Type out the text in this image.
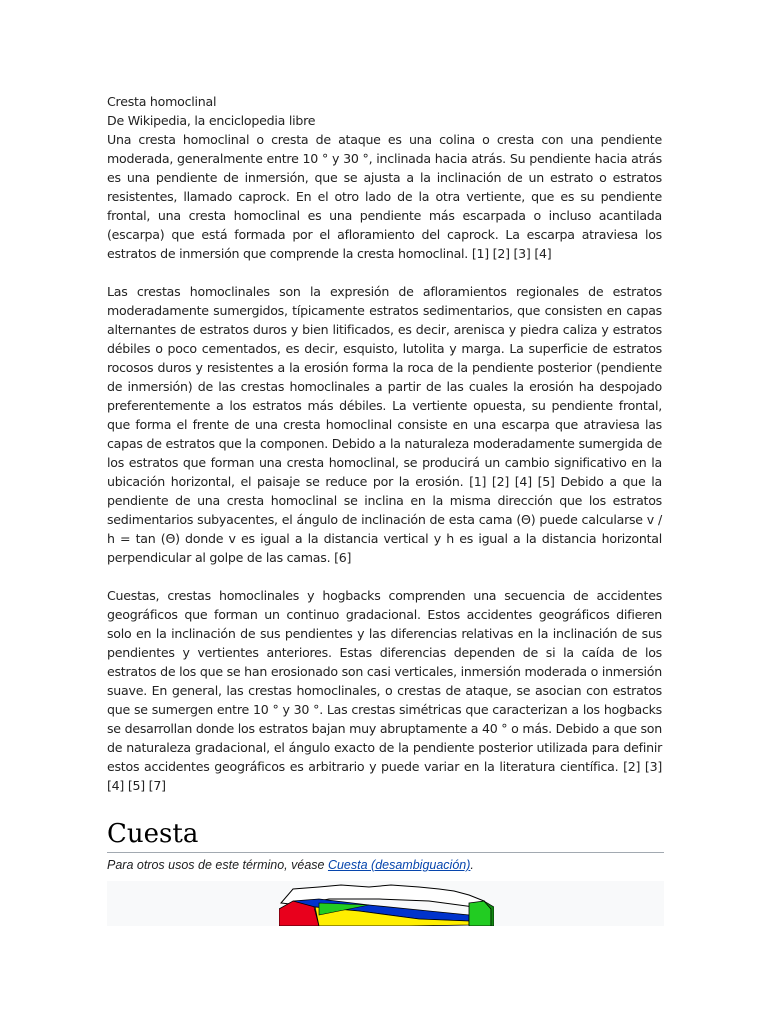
Cresta homoclinal

De Wikipedia, la enciclopedia libre

Una cresta homoclinal o cresta de ataque es una colina o cresta con una pendiente moderada, generalmente entre 10 ° y 30 °, inclinada hacia atrás. Su pendiente hacia atrás es una pendiente de inmersión, que se ajusta a la inclinación de un estrato o estratos resistentes, llamado caprock. En el otro lado de la otra vertiente, que es su pendiente frontal, una cresta homoclinal es una pendiente más escarpada o incluso acantilada (escarpa) que está formada por el afloramiento del caprock. La escarpa atraviesa los estratos de inmersión que comprende la cresta homoclinal. [1] [2] [3] [4]

Las crestas homoclinales son la expresión de afloramientos regionales de estratos moderadamente sumergidos, típicamente estratos sedimentarios, que consisten en capas alternantes de estratos duros y bien litificados, es decir, arenisca y piedra caliza y estratos débiles o poco cementados, es decir, esquisto, lutolita y marga. La superficie de estratos rocosos duros y resistentes a la erosión forma la roca de la pendiente posterior (pendiente de inmersión) de las crestas homoclinales a partir de las cuales la erosión ha despojado preferentemente a los estratos más débiles. La vertiente opuesta, su pendiente frontal, que forma el frente de una cresta homoclinal consiste en una escarpa que atraviesa las capas de estratos que la componen. Debido a la naturaleza moderadamente sumergida de los estratos que forman una cresta homoclinal, se producirá un cambio significativo en la ubicación horizontal, el paisaje se reduce por la erosión. [1] [2] [4] [5] Debido a que la pendiente de una cresta homoclinal se inclina en la misma dirección que los estratos sedimentarios subyacentes, el ángulo de inclinación de esta cama (Θ) puede calcularse v / h = tan (Θ) donde v es igual a la distancia vertical y h es igual a la distancia horizontal perpendicular al golpe de las camas. [6]

Cuestas, crestas homoclinales y hogbacks comprenden una secuencia de accidentes geográficos que forman un continuo gradacional. Estos accidentes geográficos difieren solo en la inclinación de sus pendientes y las diferencias relativas en la inclinación de sus pendientes y vertientes anteriores. Estas diferencias dependen de si la caída de los estratos de los que se han erosionado son casi verticales, inmersión moderada o inmersión suave. En general, las crestas homoclinales, o crestas de ataque, se asocian con estratos que se sumergen entre 10 ° y 30 °. Las crestas simétricas que caracterizan a los hogbacks se desarrollan donde los estratos bajan muy abruptamente a 40 ° o más. Debido a que son de naturaleza gradacional, el ángulo exacto de la pendiente posterior utilizada para definir estos accidentes geográficos es arbitrario y puede variar en la literatura científica. [2] [3] [4] [5] [7]

Cuesta
Para otros usos de este término, véase Cuesta (desambiguación).
